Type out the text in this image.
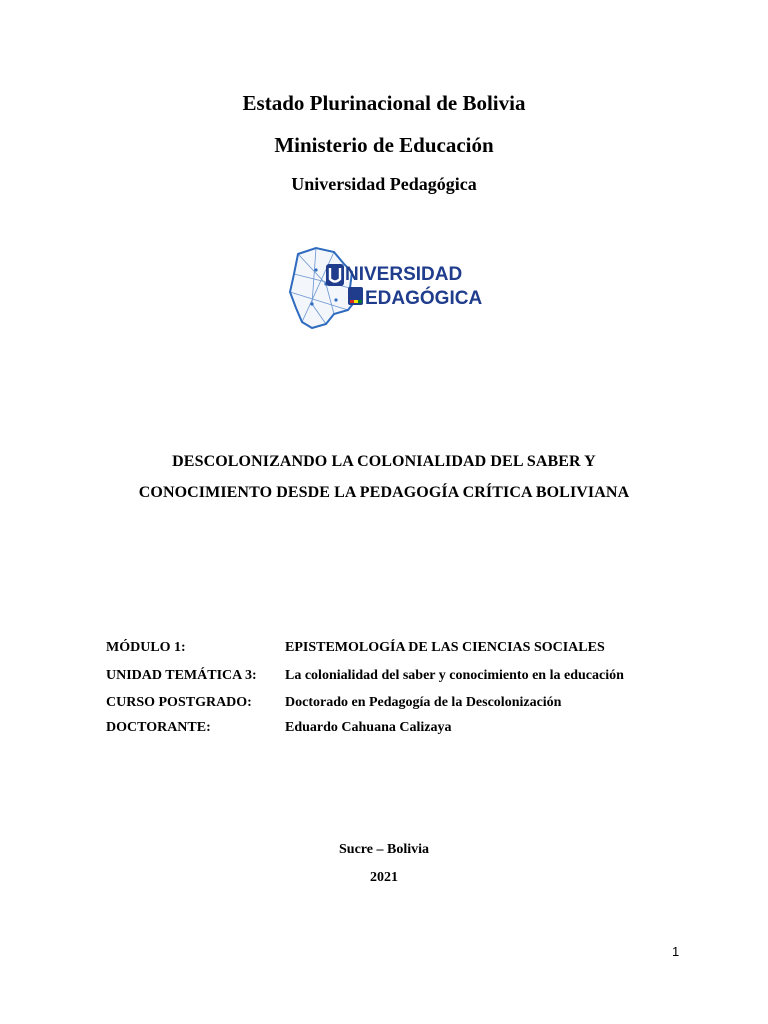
Estado Plurinacional de Bolivia
Ministerio de Educación
Universidad Pedagógica
NIVERSIDAD
EDAGÓGICA
DESCOLONIZANDO LA COLONIALIDAD DEL SABER Y
CONOCIMIENTO DESDE LA PEDAGOGÍA CRÍTICA BOLIVIANA
MÓDULO 1:	EPISTEMOLOGÍA DE LAS CIENCIAS SOCIALES
UNIDAD TEMÁTICA 3: La colonialidad del saber y conocimiento en la educación
CURSO POSTGRADO: Doctorado en Pedagogía de la Descolonización
DOCTORANTE:	Eduardo Cahuana Calizaya
Sucre – Bolivia
2021
1
